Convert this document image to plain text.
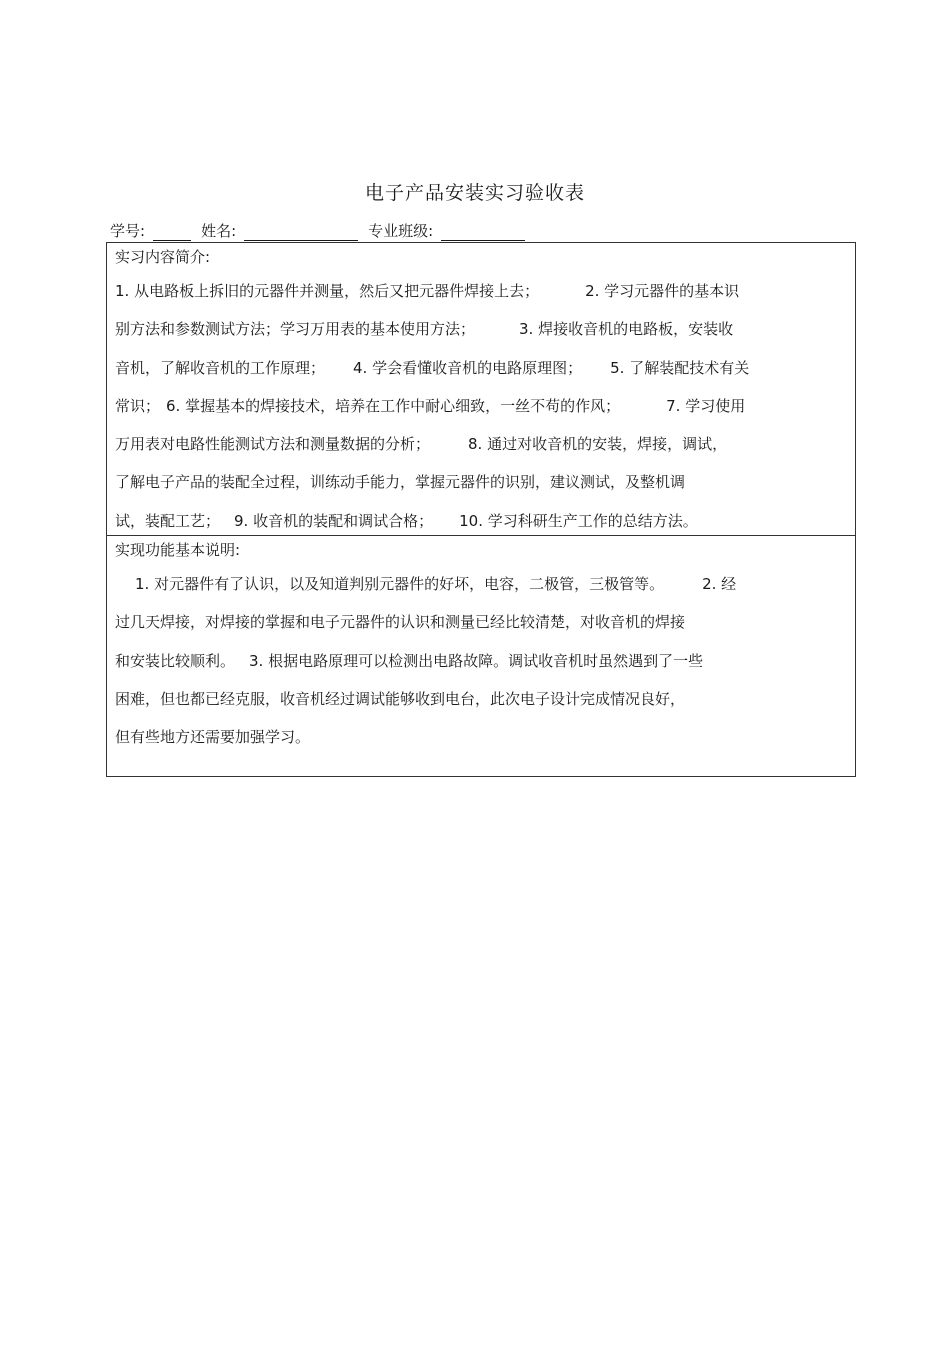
电子产品安装实习验收表
学号:	姓名:	专业班级:
实习内容简介:
1. 从电路板上拆旧的元器件并测量，然后又把元器件焊接上去；	2. 学习元器件的基本识
别方法和参数测试方法；学习万用表的基本使用方法；	3. 焊接收音机的电路板，安装收
音机，了解收音机的工作原理； 4. 学会看懂收音机的电路原理图； 5. 了解装配技术有关
常识； 6. 掌握基本的焊接技术，培养在工作中耐心细致，一丝不苟的作风；	7. 学习使用
万用表对电路性能测试方法和测量数据的分析；	8. 通过对收音机的安装，焊接，调试，
了解电子产品的装配全过程，训练动手能力，掌握元器件的识别，建议测试，及整机调
试，装配工艺； 9. 收音机的装配和调试合格； 10. 学习科研生产工作的总结方法。
实现功能基本说明:
1. 对元器件有了认识，以及知道判别元器件的好坏，电容，二极管，三极管等。	2. 经
过几天焊接，对焊接的掌握和电子元器件的认识和测量已经比较清楚，对收音机的焊接
和安装比较顺利。 3. 根据电路原理可以检测出电路故障。调试收音机时虽然遇到了一些
困难，但也都已经克服，收音机经过调试能够收到电台，此次电子设计完成情况良好，
但有些地方还需要加强学习。
